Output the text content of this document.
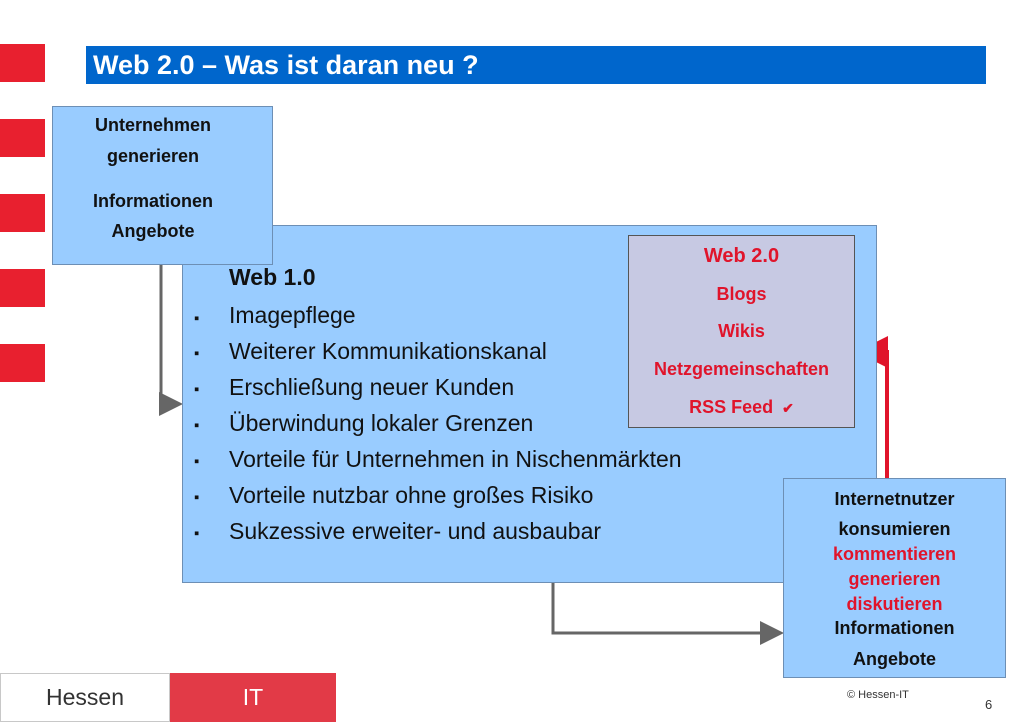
Web 2.0 – Was ist daran neu ?
Unternehmen
generieren
Informationen
Angebote
Web 1.0
▪ Imagepflege
▪ Weiterer Kommunikationskanal
▪ Erschließung neuer Kunden
▪ Überwindung lokaler Grenzen
▪ Vorteile für Unternehmen in Nischenmärkten
▪ Vorteile nutzbar ohne großes Risiko
▪ Sukzessive erweiter- und ausbaubar
Web 2.0
Blogs
Wikis
Netzgemeinschaften
RSS Feed ✔
Internetnutzer
konsumieren
kommentieren
generieren
diskutieren
Informationen
Angebote
Hessen	IT	© Hessen-IT
6
